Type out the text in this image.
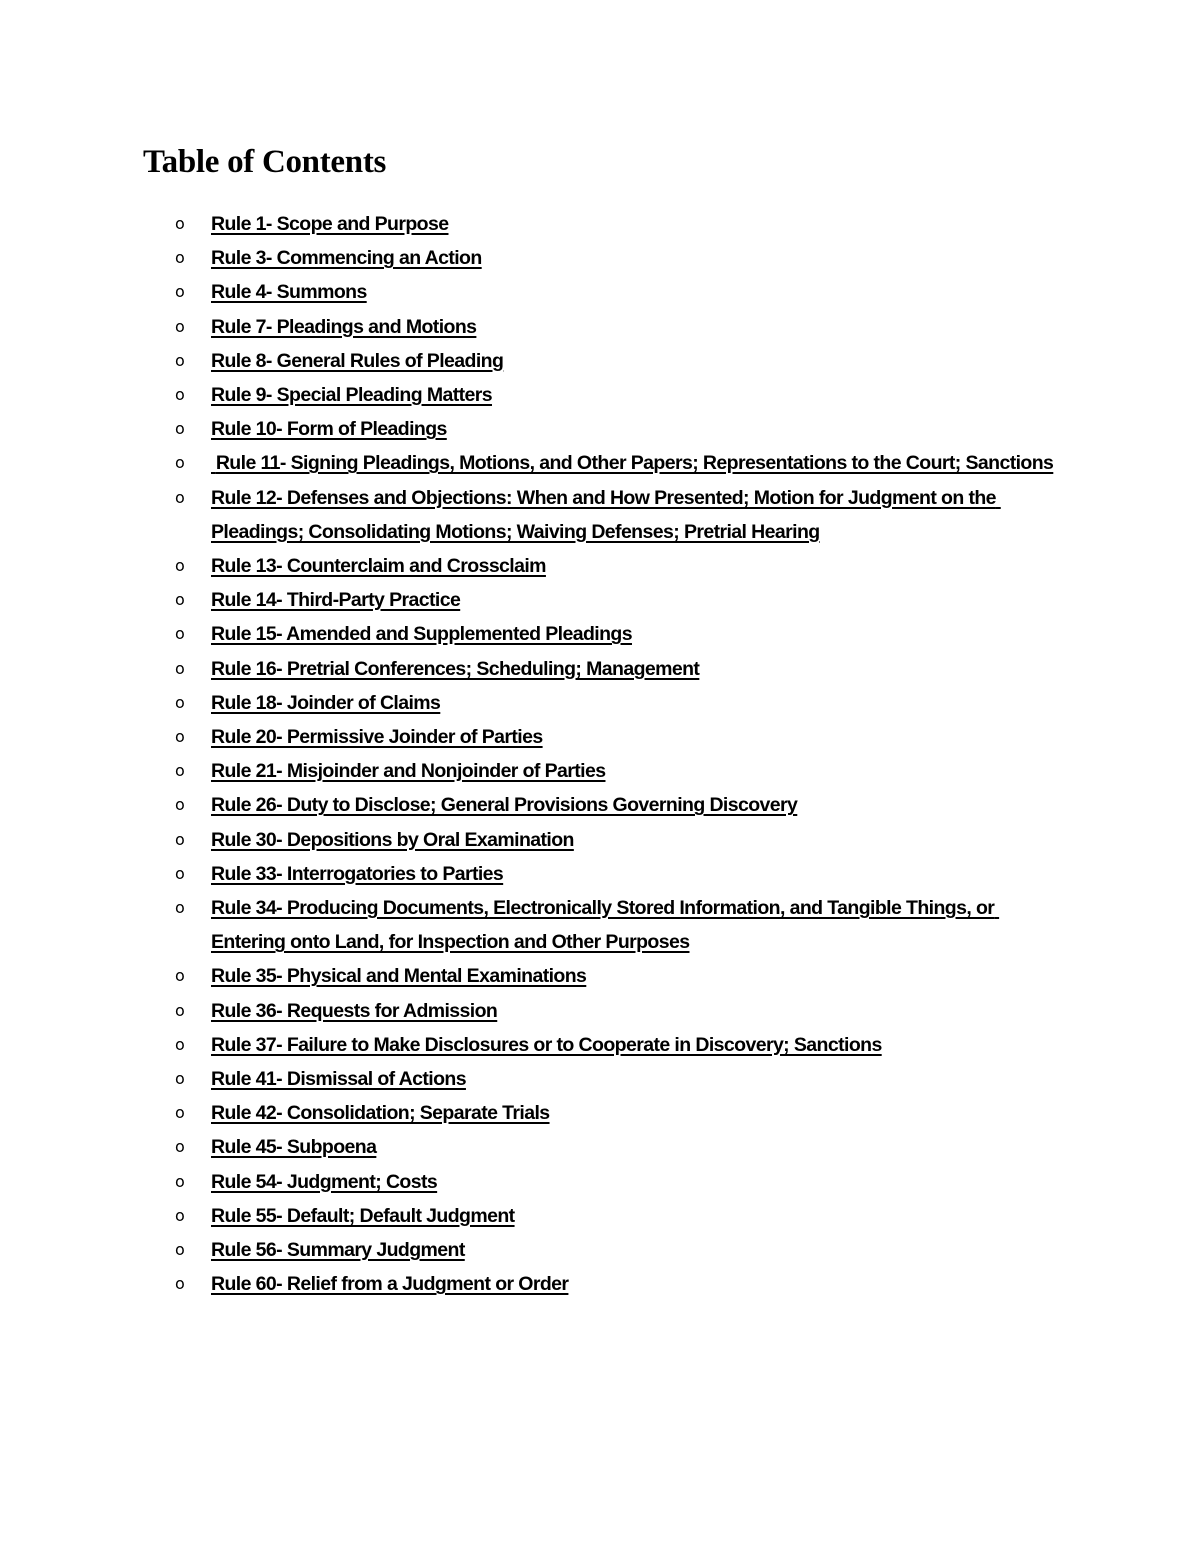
Table of Contents
o	Rule 1- Scope and Purpose
o	Rule 3- Commencing an Action
o	Rule 4- Summons
o	Rule 7- Pleadings and Motions
o	Rule 8- General Rules of Pleading
o	Rule 9- Special Pleading Matters
o	Rule 10- Form of Pleadings
o	Rule 11- Signing Pleadings, Motions, and Other Papers; Representations to the Court; Sanctions
o	Rule 12- Defenses and Objections: When and How Presented; Motion for Judgment on the Pleadings; Consolidating Motions; Waiving Defenses; Pretrial Hearing
o	Rule 13- Counterclaim and Crossclaim
o	Rule 14- Third-Party Practice
o	Rule 15- Amended and Supplemented Pleadings
o	Rule 16- Pretrial Conferences; Scheduling; Management
o	Rule 18- Joinder of Claims
o	Rule 20- Permissive Joinder of Parties
o	Rule 21- Misjoinder and Nonjoinder of Parties
o	Rule 26- Duty to Disclose; General Provisions Governing Discovery
o	Rule 30- Depositions by Oral Examination
o	Rule 33- Interrogatories to Parties
o	Rule 34- Producing Documents, Electronically Stored Information, and Tangible Things, or Entering onto Land, for Inspection and Other Purposes
o	Rule 35- Physical and Mental Examinations
o	Rule 36- Requests for Admission
o	Rule 37- Failure to Make Disclosures or to Cooperate in Discovery; Sanctions
o	Rule 41- Dismissal of Actions
o	Rule 42- Consolidation; Separate Trials
o	Rule 45- Subpoena
o	Rule 54- Judgment; Costs
o	Rule 55- Default; Default Judgment
o	Rule 56- Summary Judgment
o	Rule 60- Relief from a Judgment or Order
